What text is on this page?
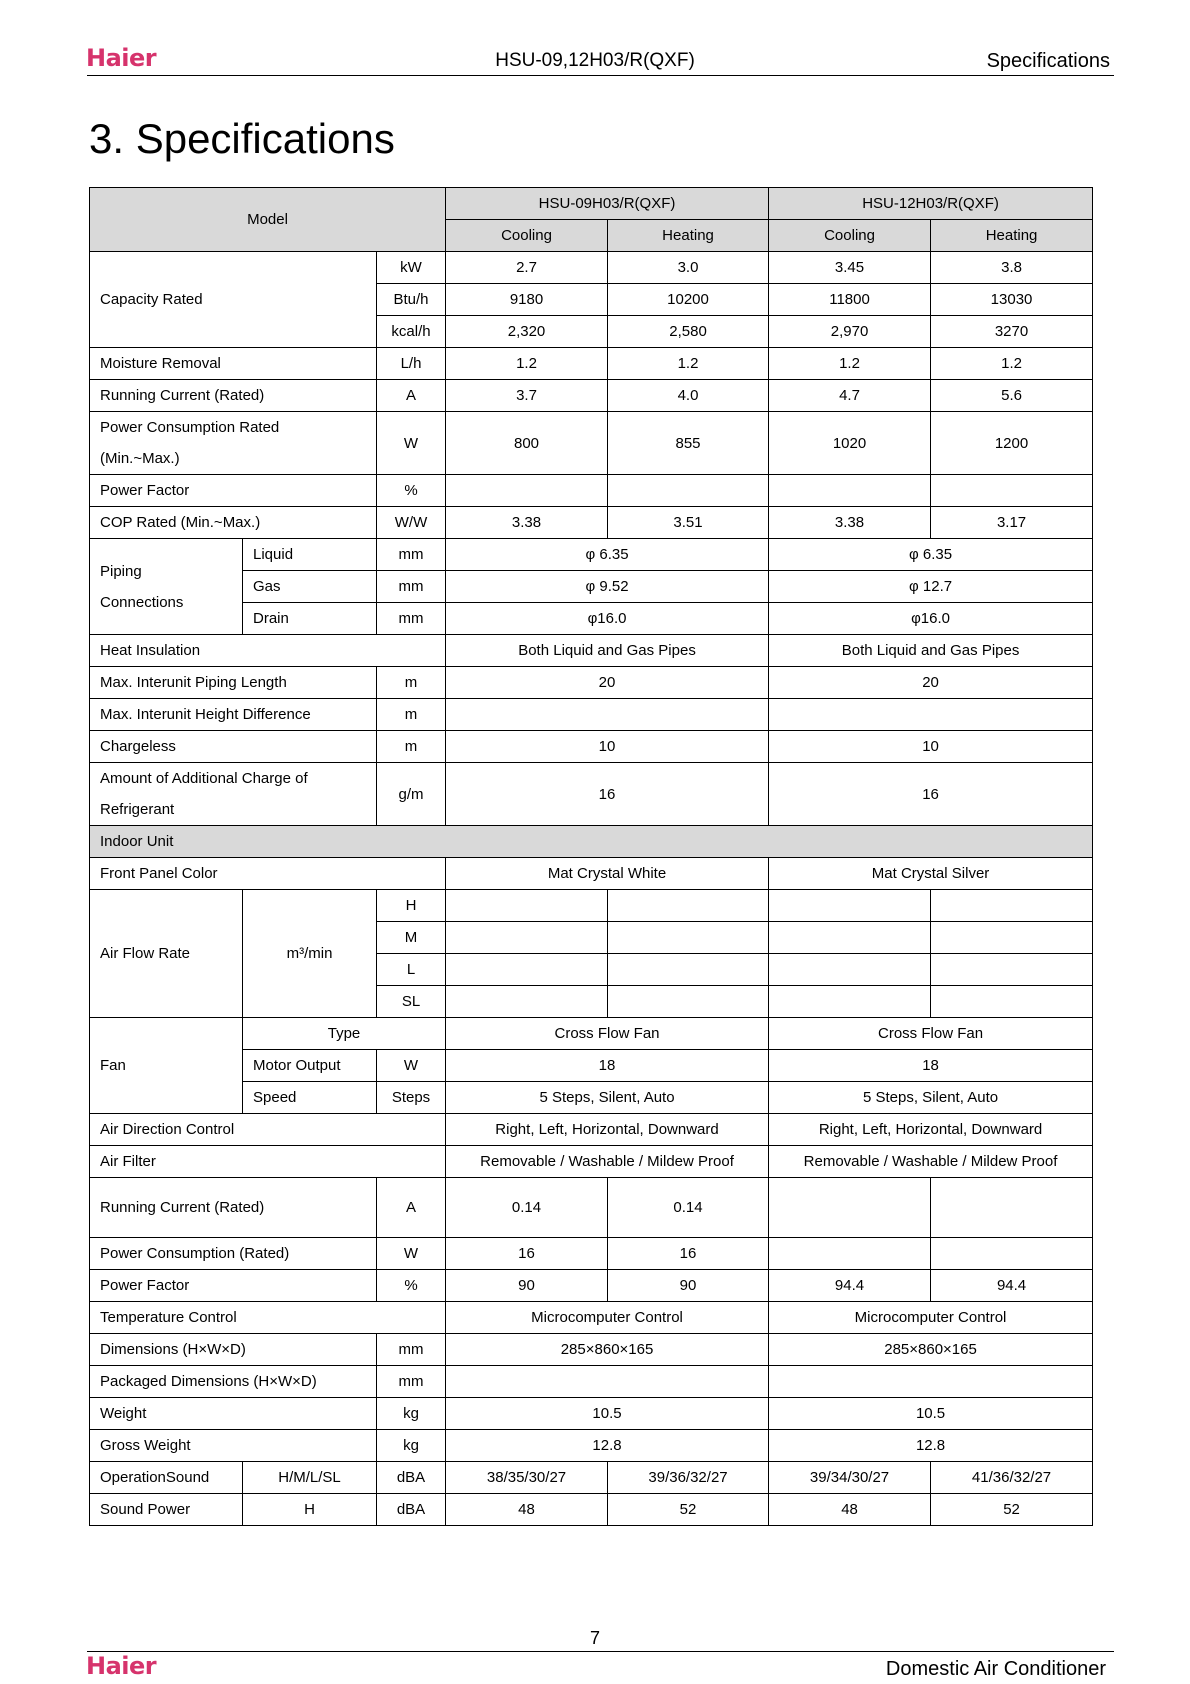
Haier	HSU-09,12H03/R(QXF)	Specifications
3. Specifications
Model			HSU-09H03/R(QXF)		HSU-12H03/R(QXF)	
			Cooling	Heating	Cooling	Heating
Capacity Rated		kW	2.7	3.0	3.45	3.8
		Btu/h	9180	10200	11800	13030
		kcal/h	2,320	2,580	2,970	3270
Moisture Removal		L/h	1.2	1.2	1.2	1.2
Running Current (Rated)		A	3.7	4.0	4.7	5.6
Power Consumption Rated
(Min.~Max.)		W	800	855	1020	1200
Power Factor		%				
COP Rated (Min.~Max.)		W/W	3.38	3.51	3.38	3.17
Piping
Connections	Liquid	mm	φ 6.35		φ 6.35	
	Gas	mm	φ 9.52		φ 12.7	
	Drain	mm	φ16.0		φ16.0	
Heat Insulation			Both Liquid and Gas Pipes		Both Liquid and Gas Pipes	
Max. Interunit Piping Length		m	20		20	
Max. Interunit Height Difference		m				
Chargeless		m	10		10	
Amount of Additional Charge of
Refrigerant		g/m	16		16	
Indoor Unit						
Front Panel Color			Mat Crystal White		Mat Crystal Silver	
Air Flow Rate	m³/min	H				
		M				
		L				
		SL				
Fan	Type		Cross Flow Fan		Cross Flow Fan	
	Motor Output	W	18		18	
	Speed	Steps	5 Steps, Silent, Auto		5 Steps, Silent, Auto	
Air Direction Control			Right, Left, Horizontal, Downward		Right, Left, Horizontal, Downward	
Air Filter			Removable / Washable / Mildew Proof		Removable / Washable / Mildew Proof	
Running Current (Rated)		A	0.14	0.14		
Power Consumption (Rated)		W	16	16		
Power Factor		%	90	90	94.4	94.4
Temperature Control			Microcomputer Control		Microcomputer Control	
Dimensions (H×W×D)		mm	285×860×165		285×860×165	
Packaged Dimensions (H×W×D)		mm				
Weight		kg	10.5		10.5	
Gross Weight		kg	12.8		12.8	
OperationSound	H/M/L/SL	dBA	38/35/30/27	39/36/32/27	39/34/30/27	41/36/32/27
Sound Power	H	dBA	48	52	48	52
7
Haier	Domestic Air Conditioner
